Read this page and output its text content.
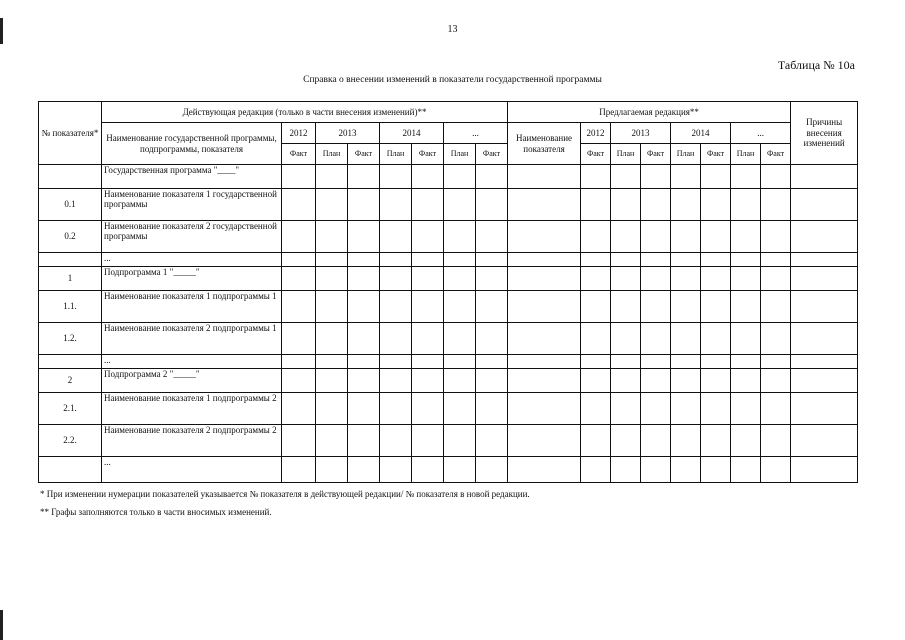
13
Таблица № 10а
Справка о внесении изменений в показатели государственной программы
№ показателя*	Действующая редакция (только в части внесения изменений)**								Предлагаемая редакция**								Причины внесения изменений
	Наименование государственной программы, подпрограммы, показателя	2012	2013		2014		...		Наименование показателя	2012	2013		2014		...		
		Факт	План	Факт	План	Факт	План	Факт		Факт	План	Факт	План	Факт	План	Факт	
	Государственная программа "____"																
0.1	Наименование показателя 1 государственной программы																
0.2	Наименование показателя 2 государственной программы																
	...																
1	Подпрограмма 1 "_____"																
1.1.	Наименование показателя 1 подпрограммы 1																
1.2.	Наименование показателя 2 подпрограммы 1																
	...																
2	Подпрограмма 2 "_____"																
2.1.	Наименование показателя 1 подпрограммы 2																
2.2.	Наименование показателя 2 подпрограммы 2																
	...																
* При изменении нумерации показателей указывается № показателя в действующей редакции/ № показателя в новой редакции.
** Графы заполняются только в части вносимых изменений.
